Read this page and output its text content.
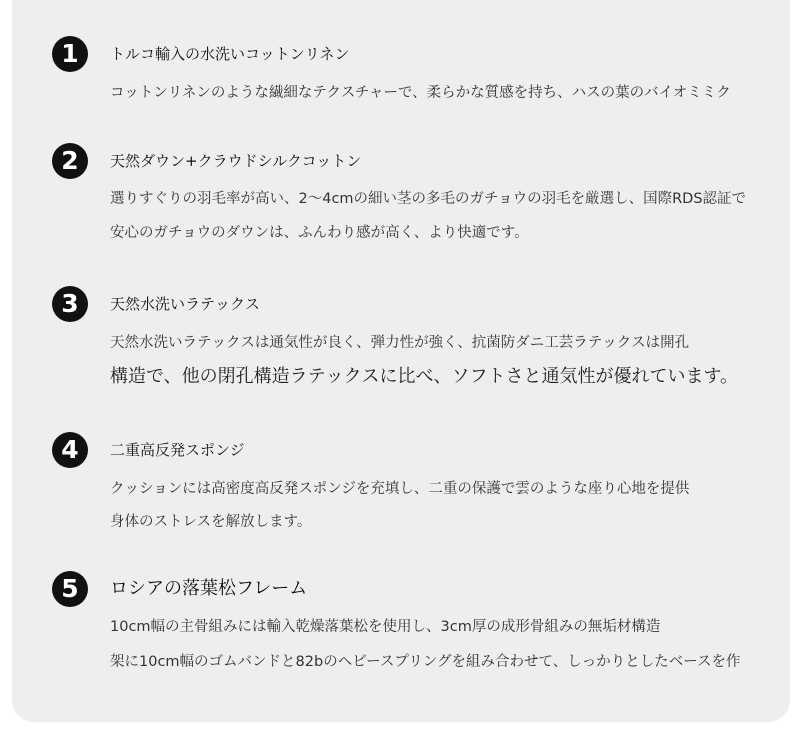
1	トルコ輸入の水洗いコットンリネン
コットンリネンのような繊細なテクスチャーで、柔らかな質感を持ち、ハスの葉のバイオミミク
2	天然ダウン+クラウドシルクコットン
選りすぐりの羽毛率が高い、2〜4cmの細い茎の多毛のガチョウの羽毛を厳選し、国際RDS認証で
安心のガチョウのダウンは、ふんわり感が高く、より快適です。
3	天然水洗いラテックス
天然水洗いラテックスは通気性が良く、弾力性が強く、抗菌防ダニ工芸ラテックスは開孔
構造で、他の閉孔構造ラテックスに比べ、ソフトさと通気性が優れています。
4	二重高反発スポンジ
クッションには高密度高反発スポンジを充填し、二重の保護で雲のような座り心地を提供
身体のストレスを解放します。
5	ロシアの落葉松フレーム
10cm幅の主骨組みには輸入乾燥落葉松を使用し、3cm厚の成形骨組みの無垢材構造
架に10cm幅のゴムバンドと82bのヘビースプリングを組み合わせて、しっかりとしたベースを作
